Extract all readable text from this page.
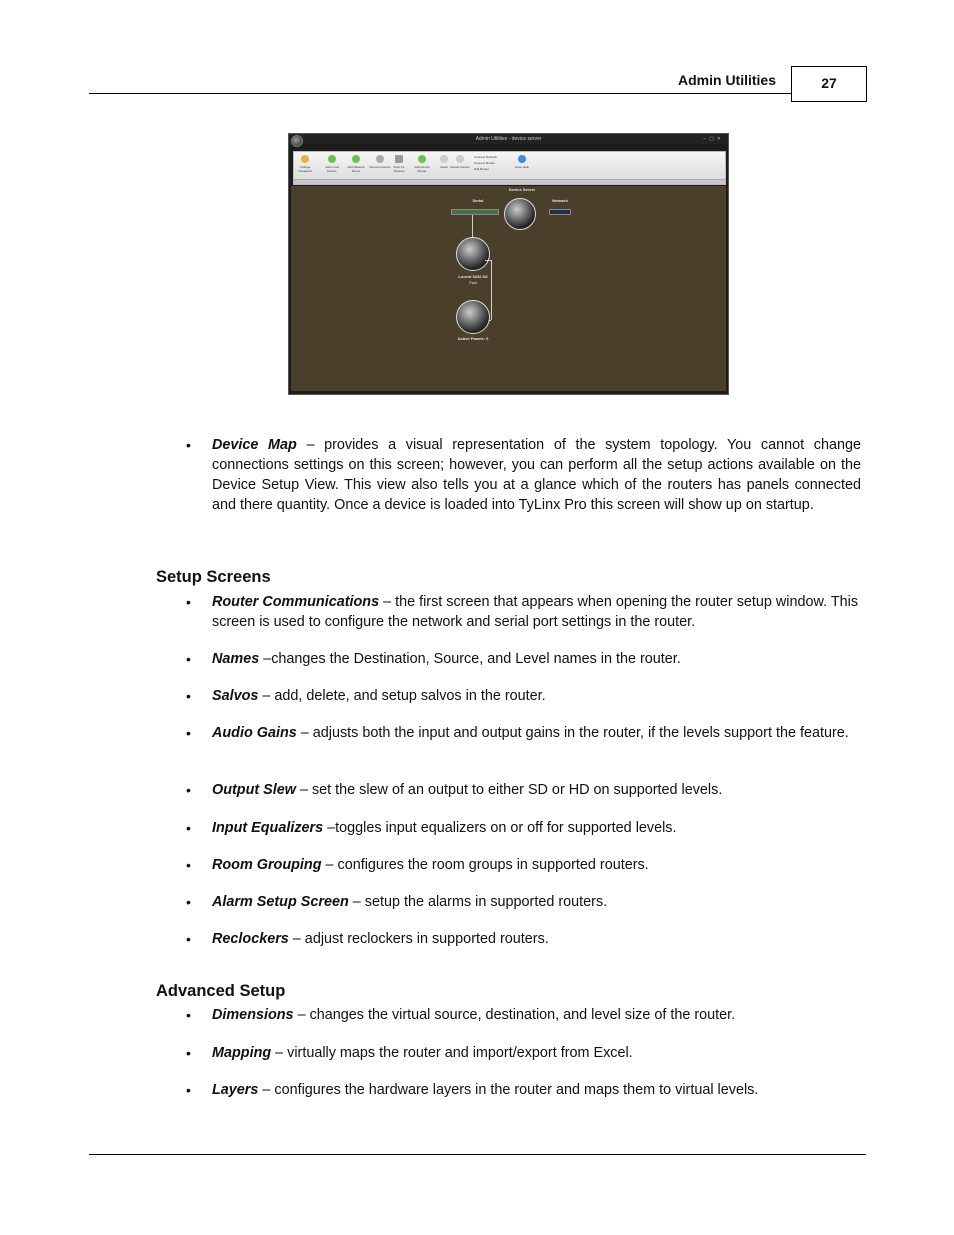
Admin Utilities	27
Admin Utilities - device server	–▢✕

Change Password
Add Local Device
Add Network Server
Remove Device Scan for Devices
Add Device Router
Setup Router Panels
Connect Network
Connect Router
Dial Router	Open Help
Device Server
Serial	Network
Lucent 3232 D6
Fwd
Active Panels: 9
• Device Map – provides a visual representation of the system topology. You cannot change connections settings on this screen; however, you can perform all the setup actions available on the Device Setup View. This view also tells you at a glance which of the routers has panels connected and there quantity. Once a device is loaded into TyLinx Pro this screen will show up on startup.
Setup Screens
• Router Communications – the first screen that appears when opening the router setup window. This screen is used to configure the network and serial port settings in the router.
• Names –changes the Destination, Source, and Level names in the router.
• Salvos – add, delete, and setup salvos in the router.
• Audio Gains – adjusts both the input and output gains in the router, if the levels support the feature.
• Output Slew – set the slew of an output to either SD or HD on supported levels.
• Input Equalizers –toggles input equalizers on or off for supported levels.
• Room Grouping – configures the room groups in supported routers.
• Alarm Setup Screen – setup the alarms in supported routers.
• Reclockers – adjust reclockers in supported routers.
Advanced Setup
• Dimensions – changes the virtual source, destination, and level size of the router.
• Mapping – virtually maps the router and import/export from Excel.
• Layers – configures the hardware layers in the router and maps them to virtual levels.
